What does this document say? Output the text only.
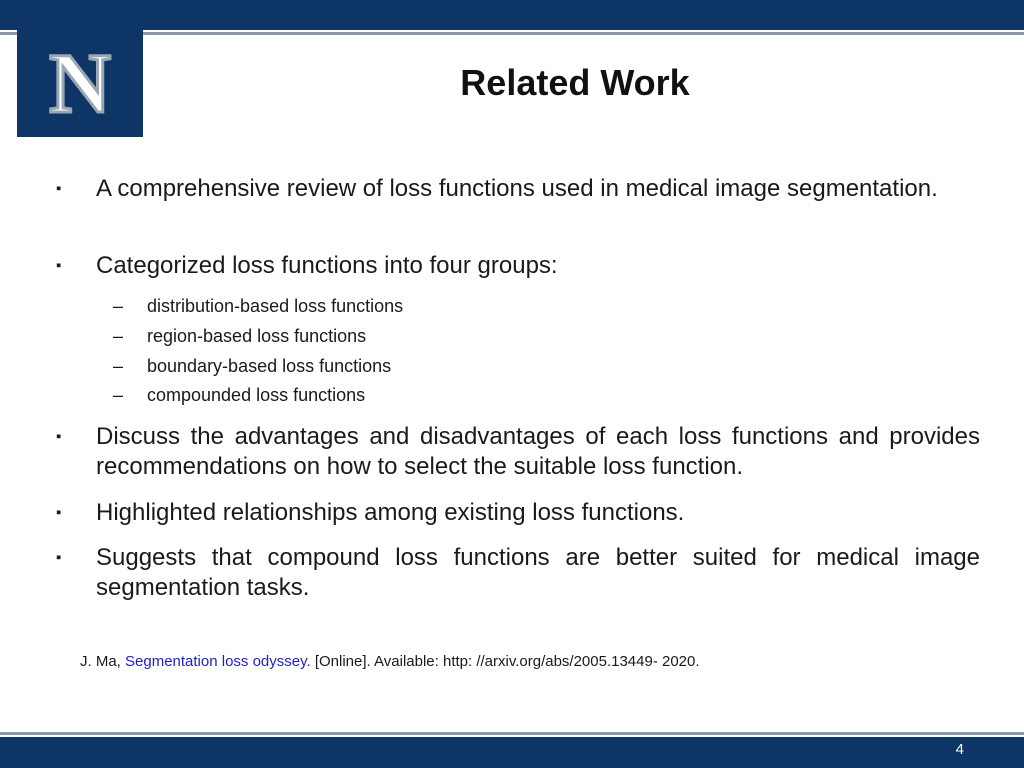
N	Related Work
▪	A comprehensive review of loss functions used in medical image segmentation.
▪	Categorized loss functions into four groups:
– distribution-based loss functions
– region-based loss functions
– boundary-based loss functions
– compounded loss functions
▪	Discuss the advantages and disadvantages of each loss functions and provides recommendations on how to select the suitable loss function.
▪	Highlighted relationships among existing loss functions.
▪	Suggests that compound loss functions are better suited for medical image segmentation tasks.
J. Ma, Segmentation loss odyssey. [Online]. Available: http: //arxiv.org/abs/2005.13449- 2020.
4
